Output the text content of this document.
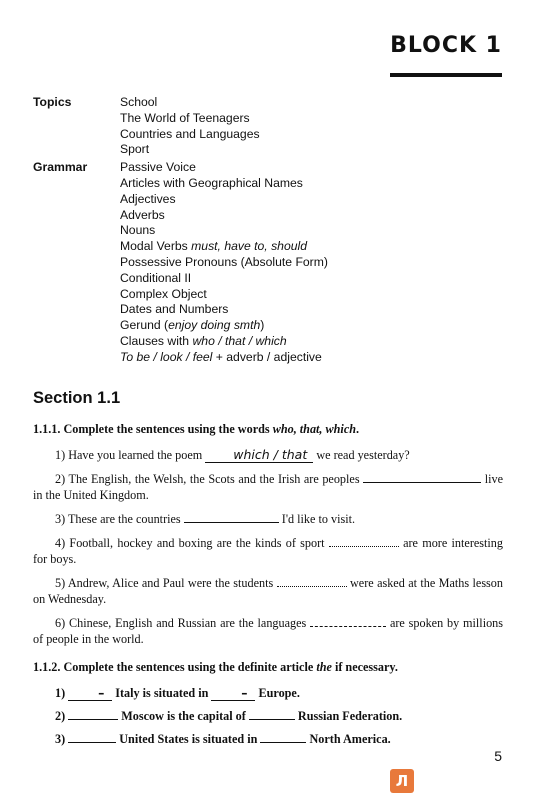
BLOCK 1
Topics	School
The World of Teenagers
Countries and Languages
Sport
Grammar	Passive Voice
Articles with Geographical Names
Adjectives
Adverbs
Nouns
Modal Verbs must, have to, should
Possessive Pronouns (Absolute Form)
Conditional II
Complex Object
Dates and Numbers
Gerund (enjoy doing smth)
Clauses with who / that / which
To be / look / feel + adverb / adjective
Section 1.1

1.1.1. Complete the sentences using the words who, that, which.

1) Have you learned the poem which / that we read yesterday?

2) The English, the Welsh, the Scots and the Irish are peoples	live in the United Kingdom.

3) These are the countries	I'd like to visit.

4) Football, hockey and boxing are the kinds of sport	are more interesting for boys.

5) Andrew, Alice and Paul were the students	were asked at the Maths lesson on Wednesday.

6) Chinese, English and Russian are the languages	are spoken by millions of people in the world.

1.1.2. Complete the sentences using the definite article the if necessary.

1)	– Italy is situated in – Europe.

2)	Moscow is the capital of	Russian Federation.

3)	United States is situated in	North America.

5
Л
